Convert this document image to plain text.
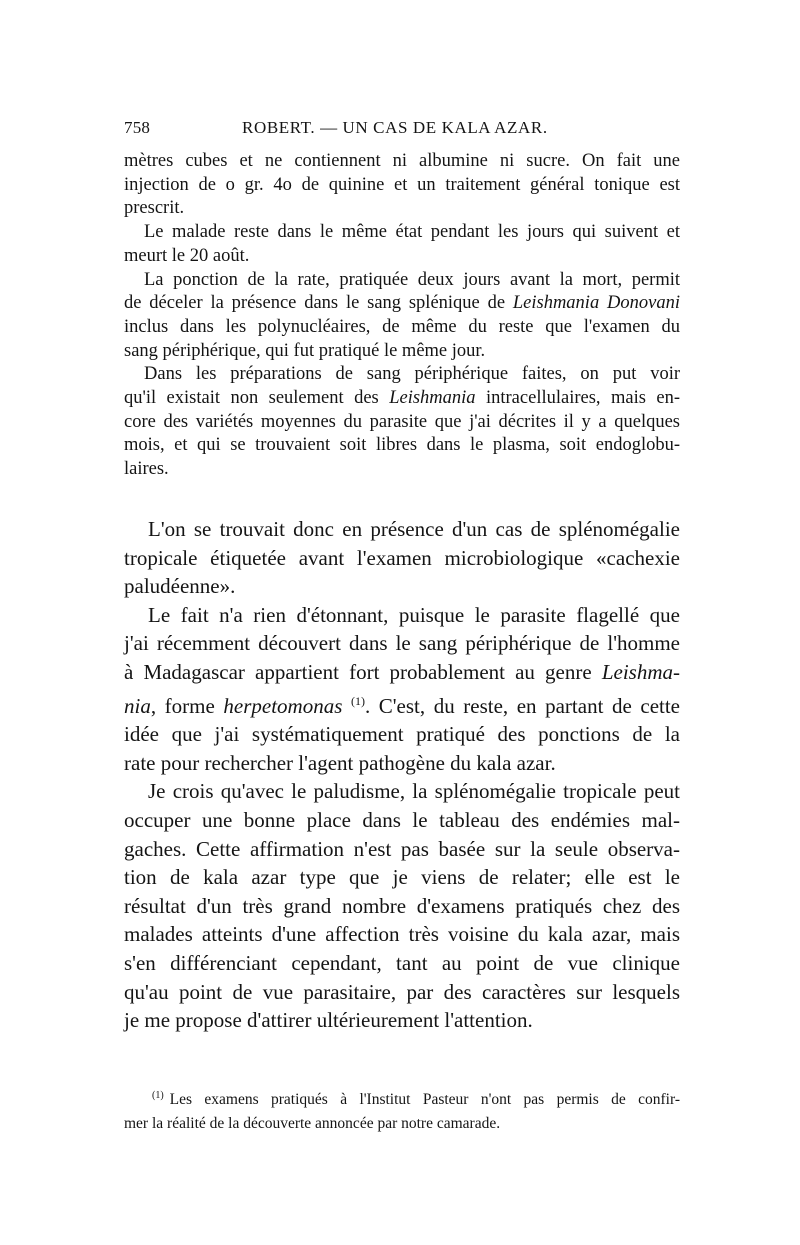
758	ROBERT. — UN CAS DE KALA AZAR.

mètres cubes et ne contiennent ni albumine ni sucre. On fait une

injection de o gr. 4o de quinine et un traitement général tonique est

prescrit.

Le malade reste dans le même état pendant les jours qui suivent et

meurt le 20 août.

La ponction de la rate, pratiquée deux jours avant la mort, permit

de déceler la présence dans le sang splénique de Leishmania Donovani

inclus dans les polynucléaires, de même du reste que l'examen du

sang périphérique, qui fut pratiqué le même jour.

Dans les préparations de sang périphérique faites, on put voir

qu'il existait non seulement des Leishmania intracellulaires, mais en-

core des variétés moyennes du parasite que j'ai décrites il y a quelques

mois, et qui se trouvaient soit libres dans le plasma, soit endoglobu-

laires.

L'on se trouvait donc en présence d'un cas de splénomégalie

tropicale étiquetée avant l'examen microbiologique «cachexie

paludéenne».

Le fait n'a rien d'étonnant, puisque le parasite flagellé que

j'ai récemment découvert dans le sang périphérique de l'homme

à Madagascar appartient fort probablement au genre Leishma-

nia, forme herpetomonas $^{(1)}$. C'est, du reste, en partant de cette

idée que j'ai systématiquement pratiqué des ponctions de la

rate pour rechercher l'agent pathogène du kala azar.

Je crois qu'avec le paludisme, la splénomégalie tropicale peut

occuper une bonne place dans le tableau des endémies mal-

gaches. Cette affirmation n'est pas basée sur la seule observa-

tion de kala azar type que je viens de relater; elle est le

résultat d'un très grand nombre d'examens pratiqués chez des

malades atteints d'une affection très voisine du kala azar, mais

s'en différenciant cependant, tant au point de vue clinique

qu'au point de vue parasitaire, par des caractères sur lesquels

je me propose d'attirer ultérieurement l'attention.

$^{(1)}$ Les examens pratiqués à l'Institut Pasteur n'ont pas permis de confir-

mer la réalité de la découverte annoncée par notre camarade.
